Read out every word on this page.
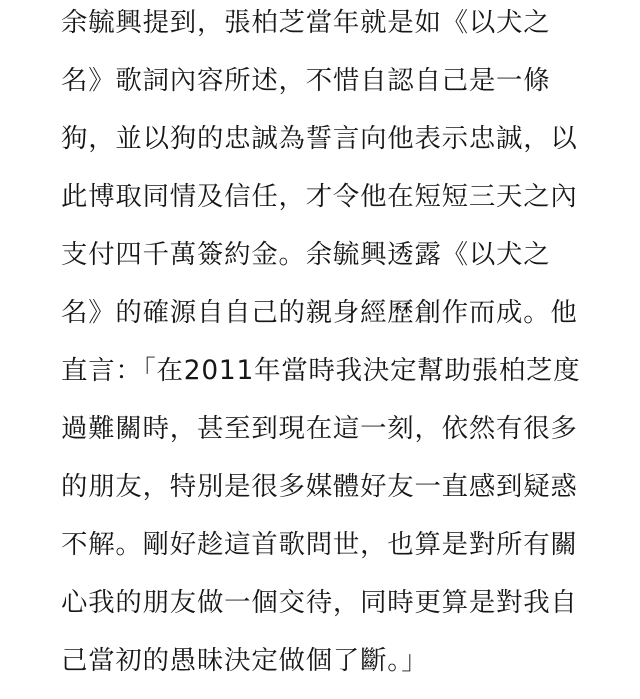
余毓興提到，張柏芝當年就是如《以犬之
名》歌詞內容所述，不惜自認自己是一條
狗，並以狗的忠誠為誓言向他表示忠誠，以
此博取同情及信任，才令他在短短三天之內
支付四千萬簽約金。余毓興透露《以犬之
名》的確源自自己的親身經歷創作而成。他
直言：「在2011年當時我決定幫助張柏芝度
過難關時，甚至到現在這一刻，依然有很多
的朋友，特別是很多媒體好友一直感到疑惑
不解。剛好趁這首歌問世，也算是對所有關
心我的朋友做一個交待，同時更算是對我自
己當初的愚昧決定做個了斷。」
